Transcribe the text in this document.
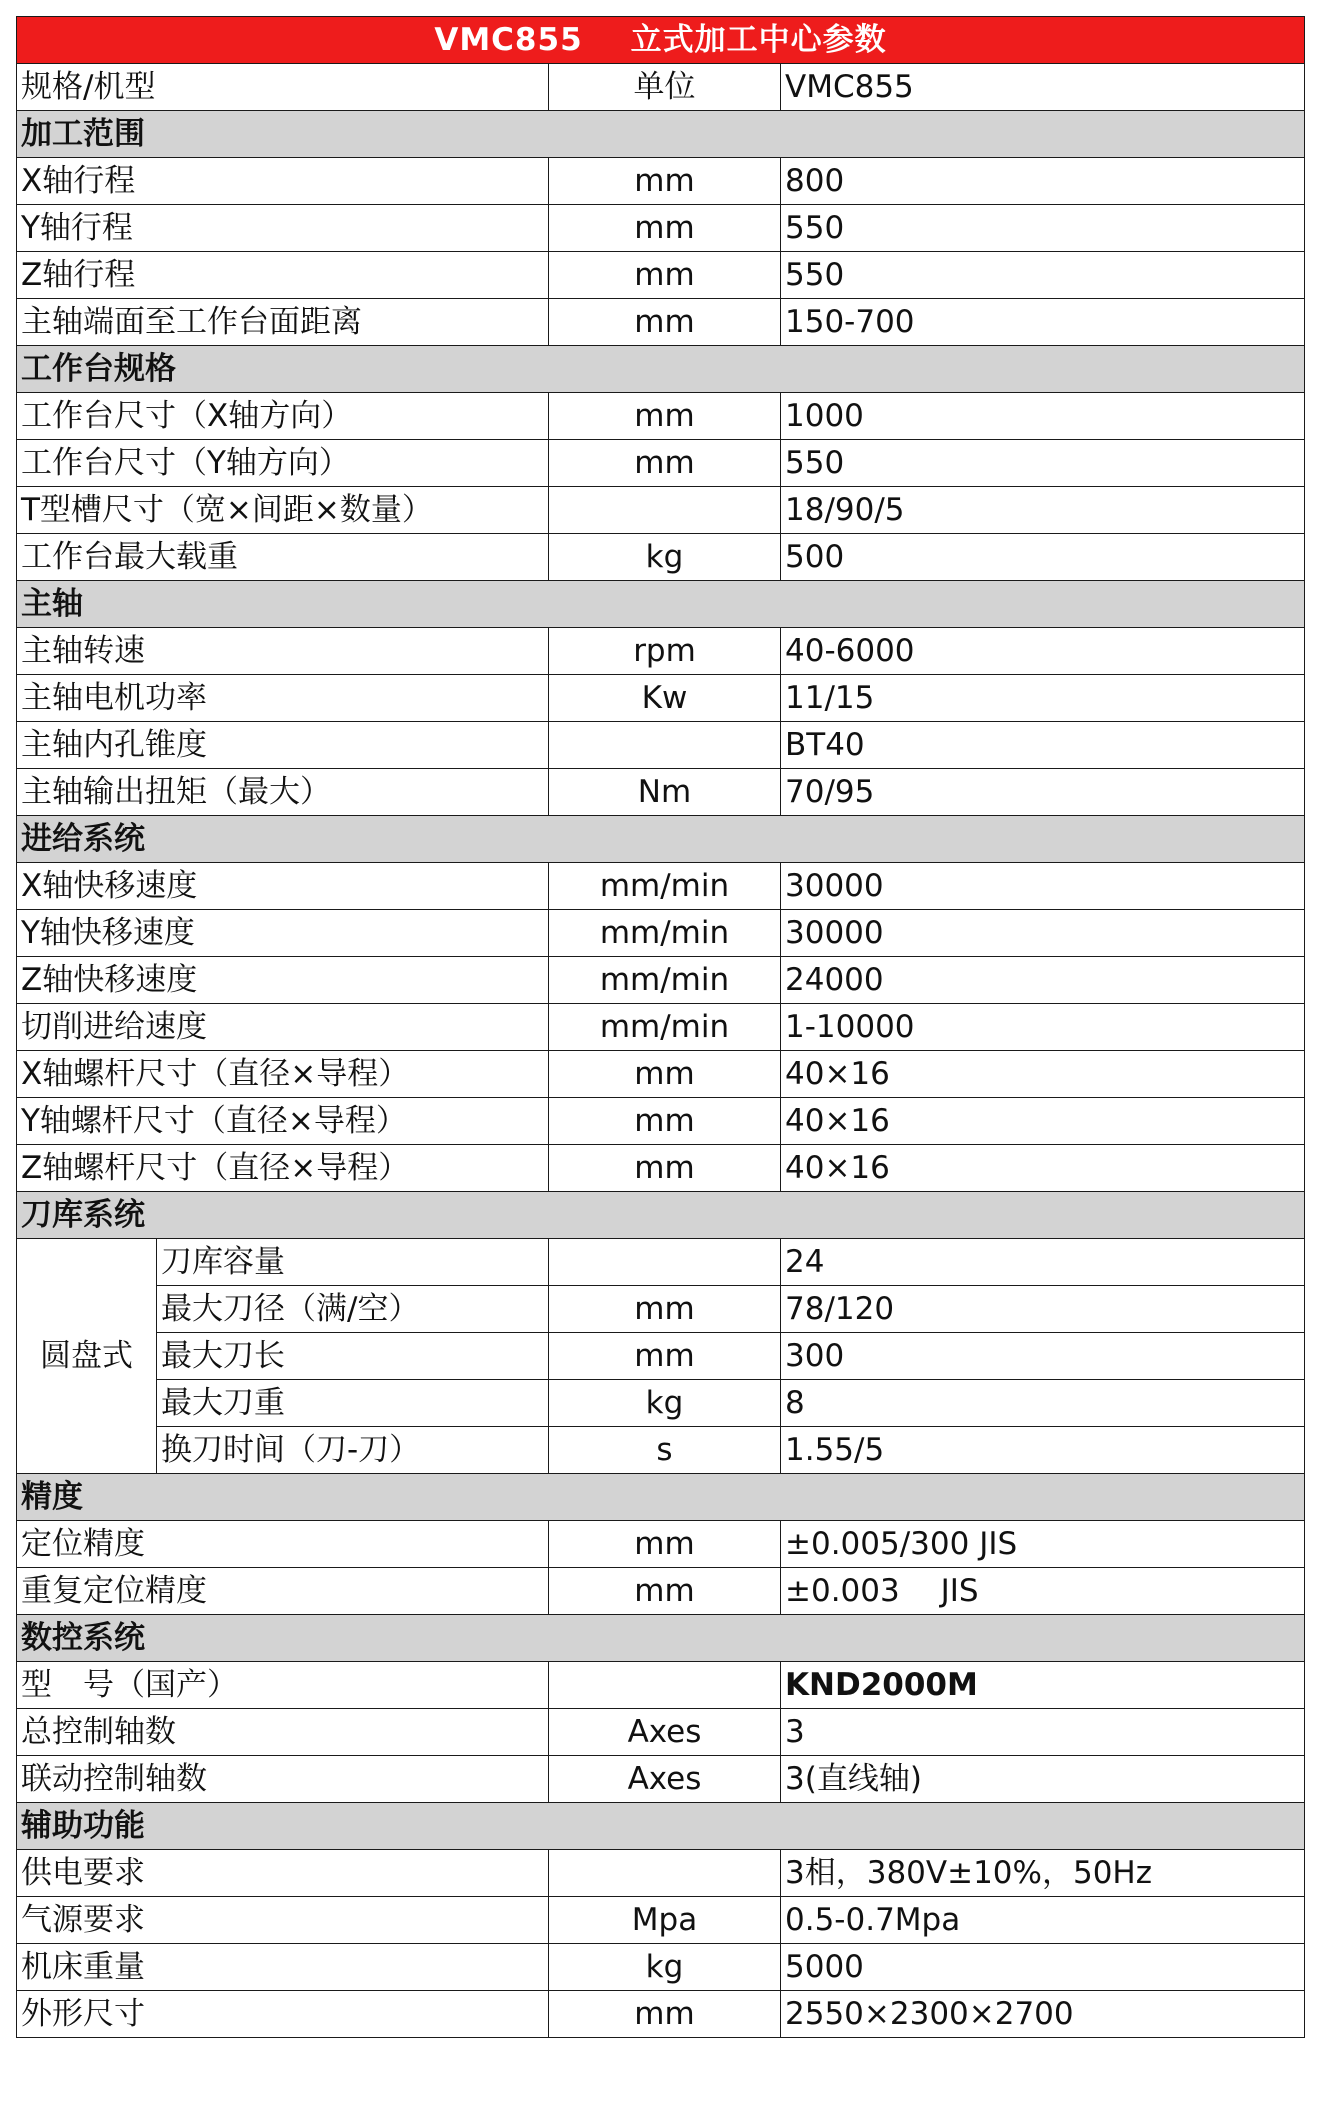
VMC855 立式加工中心参数			
规格/机型		单位	VMC855
加工范围			
X轴行程		mm	800
Y轴行程		mm	550
Z轴行程		mm	550
主轴端面至工作台面距离		mm	150-700
工作台规格			
工作台尺寸（X轴方向）		mm	1000
工作台尺寸（Y轴方向）		mm	550
T型槽尺寸（宽×间距×数量）			18/90/5
工作台最大载重		kg	500
主轴			
主轴转速		rpm	40-6000
主轴电机功率		Kw	11/15
主轴内孔锥度			BT40
主轴输出扭矩（最大）		Nm	70/95
进给系统			
X轴快移速度		mm/min	30000
Y轴快移速度		mm/min	30000
Z轴快移速度		mm/min	24000
切削进给速度		mm/min	1-10000
X轴螺杆尺寸（直径×导程）		mm	40×16
Y轴螺杆尺寸（直径×导程）		mm	40×16
Z轴螺杆尺寸（直径×导程）		mm	40×16
刀库系统			
圆盘式	刀库容量		24
	最大刀径（满/空）	mm	78/120
	最大刀长	mm	300
	最大刀重	kg	8
	换刀时间（刀-刀）	s	1.55/5
精度			
定位精度		mm	±0.005/300 JIS
重复定位精度		mm	±0.003　 JIS
数控系统			
型　号（国产）			KND2000M
总控制轴数		Axes	3
联动控制轴数		Axes	3(直线轴)
辅助功能			
供电要求			3相，380V±10%，50Hz
气源要求		Mpa	0.5-0.7Mpa
机床重量		kg	5000
外形尺寸		mm	2550×2300×2700
